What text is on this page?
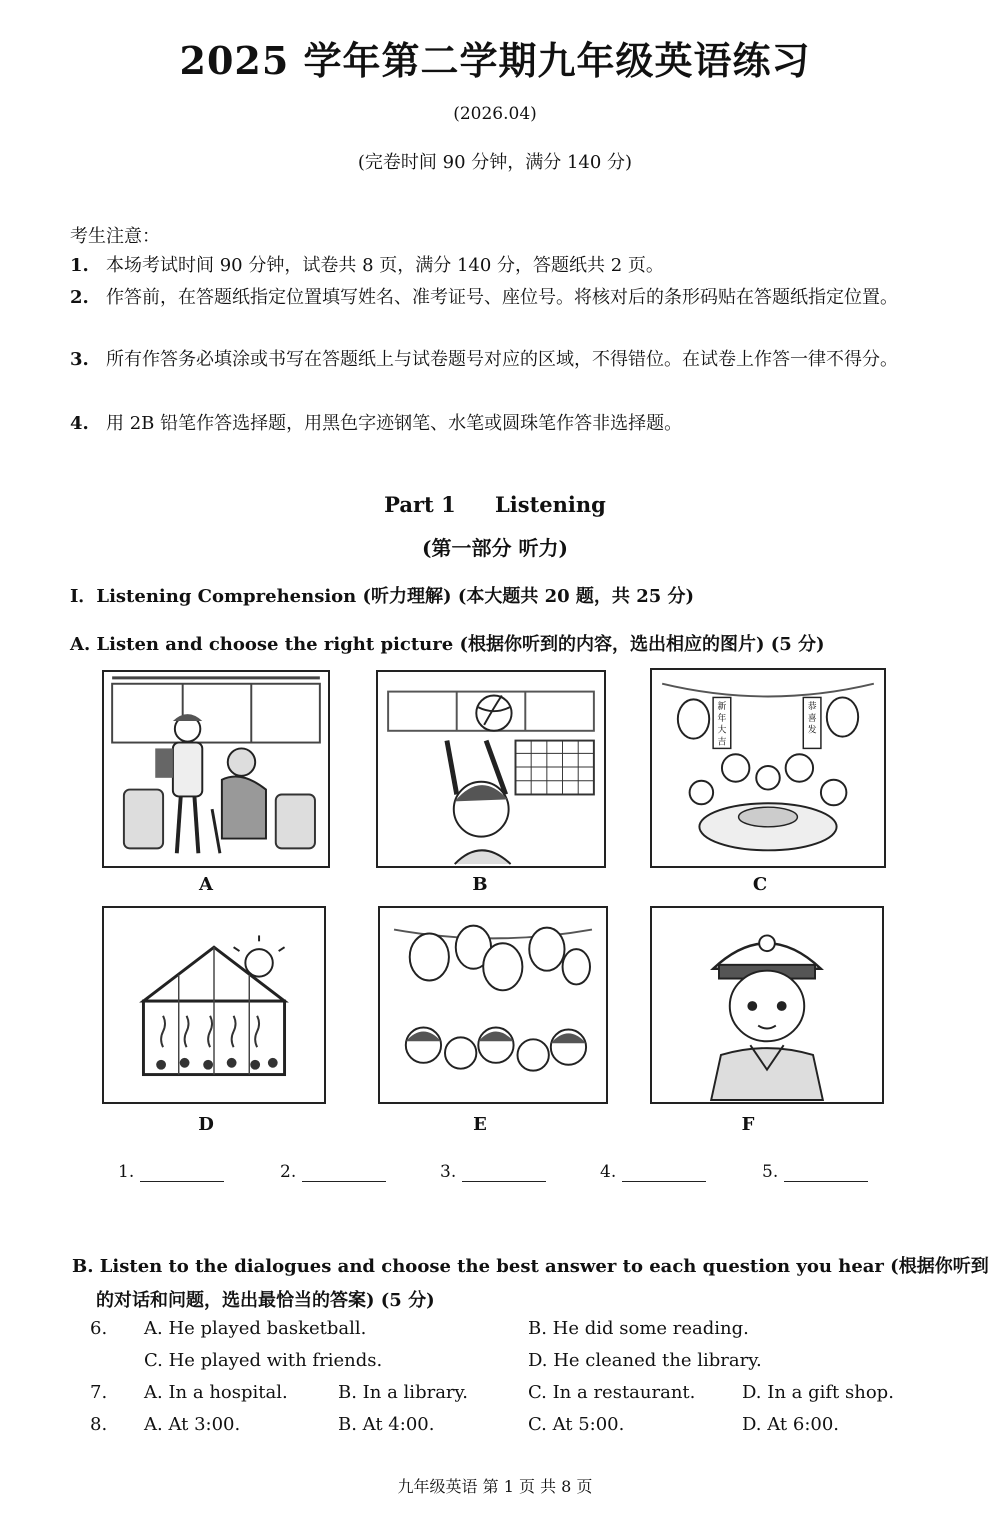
2025 学年第二学期九年级英语练习
(2026.04)
(完卷时间 90 分钟，满分 140 分)
考生注意：
1. 本场考试时间 90 分钟，试卷共 8 页，满分 140 分，答题纸共 2 页。
2. 作答前，在答题纸指定位置填写姓名、准考证号、座位号。将核对后的条形码贴在答题纸指定位置。
3. 所有作答务必填涂或书写在答题纸上与试卷题号对应的区域，不得错位。在试卷上作答一律不得分。
4. 用 2B 铅笔作答选择题，用黑色字迹钢笔、水笔或圆珠笔作答非选择题。
Part 1 Listening
(第一部分 听力)
I．Listening Comprehension (听力理解) (本大题共 20 题，共 25 分)
A. Listen and choose the right picture (根据你听到的内容，选出相应的图片) (5 分)
A	B
新
年
大
吉
恭
喜
发
C
D	E	F
1.	2.	3.	4.	5.
B. Listen to the dialogues and choose the best answer to each question you hear (根据你听到
的对话和问题，选出最恰当的答案) (5 分)
6. A. He played basketball.	B. He did some reading.
C. He played with friends.	D. He cleaned the library.
7. A. In a hospital.	B. In a library.	C. In a restaurant.	D. In a gift shop.
8. A. At 3:00.	B. At 4:00.	C. At 5:00.	D. At 6:00.
九年级英语 第 1 页 共 8 页
